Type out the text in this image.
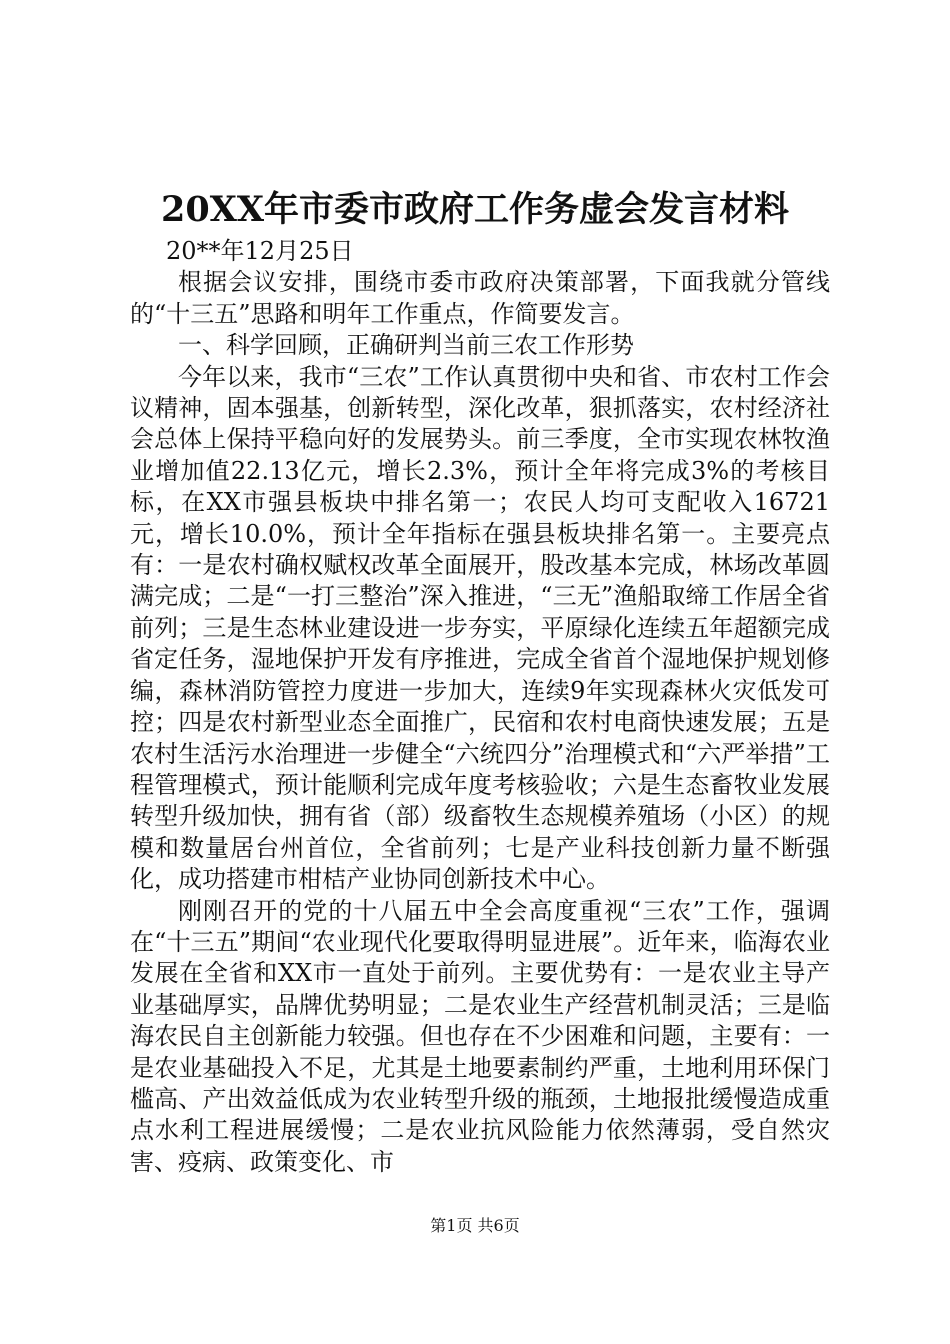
20XX年市委市政府工作务虚会发言材料

20**年12月25日

根据会议安排，围绕市委市政府决策部署，下面我就分管线的“十三五”思路和明年工作重点，作简要发言。

一、科学回顾，正确研判当前三农工作形势

今年以来，我市“三农”工作认真贯彻中央和省、市农村工作会议精神，固本强基，创新转型，深化改革，狠抓落实，农村经济社会总体上保持平稳向好的发展势头。前三季度，全市实现农林牧渔业增加值22.13亿元，增长2.3%，预计全年将完成3%的考核目标，在XX市强县板块中排名第一；农民人均可支配收入16721元，增长10.0%，预计全年指标在强县板块排名第一。主要亮点有：一是农村确权赋权改革全面展开，股改基本完成，林场改革圆满完成；二是“一打三整治”深入推进，“三无”渔船取缔工作居全省前列；三是生态林业建设进一步夯实，平原绿化连续五年超额完成省定任务，湿地保护开发有序推进，完成全省首个湿地保护规划修编，森林消防管控力度进一步加大，连续9年实现森林火灾低发可控；四是农村新型业态全面推广，民宿和农村电商快速发展；五是农村生活污水治理进一步健全“六统四分”治理模式和“六严举措”工程管理模式，预计能顺利完成年度考核验收；六是生态畜牧业发展转型升级加快，拥有省（部）级畜牧生态规模养殖场（小区）的规模和数量居台州首位，全省前列；七是产业科技创新力量不断强化，成功搭建市柑桔产业协同创新技术中心。

刚刚召开的党的十八届五中全会高度重视“三农”工作，强调在“十三五”期间“农业现代化要取得明显进展”。近年来，临海农业发展在全省和XX市一直处于前列。主要优势有：一是农业主导产业基础厚实，品牌优势明显；二是农业生产经营机制灵活；三是临海农民自主创新能力较强。但也存在不少困难和问题，主要有：一是农业基础投入不足，尤其是土地要素制约严重，土地利用环保门槛高、产出效益低成为农业转型升级的瓶颈，土地报批缓慢造成重点水利工程进展缓慢；二是农业抗风险能力依然薄弱，受自然灾害、疫病、政策变化、市

第1页 共6页
